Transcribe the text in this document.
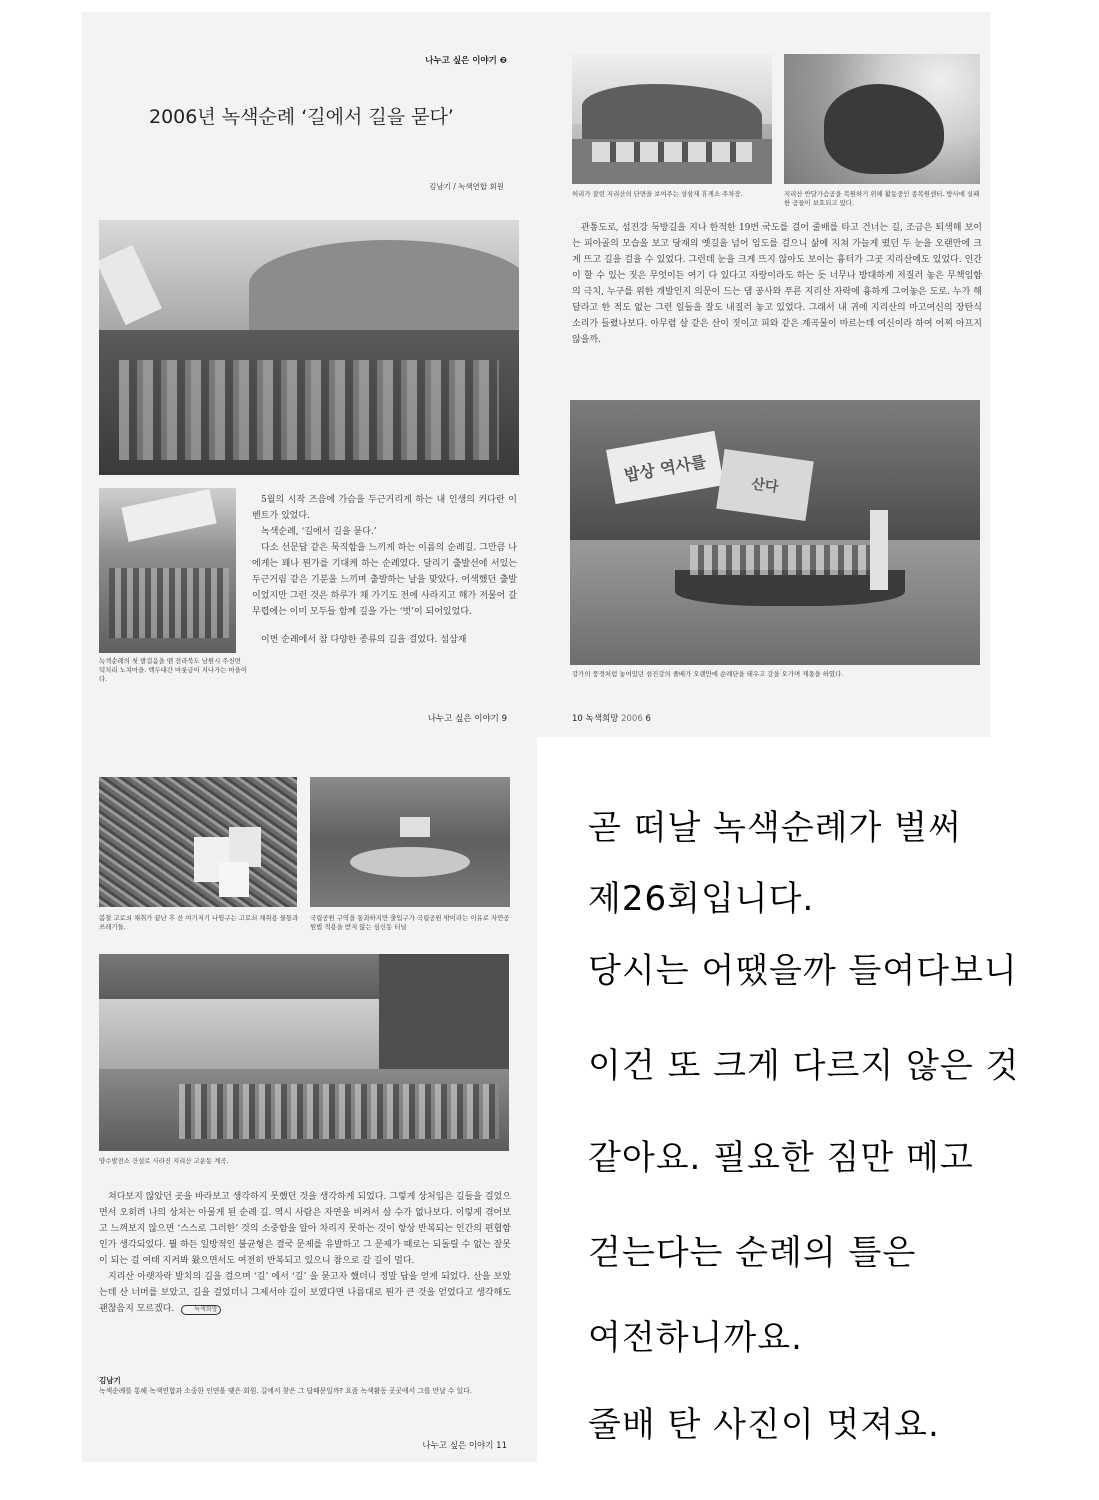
나누고 싶은 이야기 ❷
2006년 녹색순례 ‘길에서 길을 묻다’
김남기 / 녹색연합 회원
녹색순례의 첫 발걸음을 뗀 전라북도 남원시 주천면 덕치리 노치마을. 백두대간 마룻금이 지나가는 마을이다.

5월의 시작 즈음에 가슴을 두근거리게 하는 내 인생의 커다란 이벤트가 있었다.

녹색순례, ‘길에서 길을 묻다.’

다소 선문답 같은 묵직함을 느끼게 하는 이름의 순례길. 그만큼 나에게는 꽤나 뭔가를 기대케 하는 순례였다. 달리기 출발선에 서있는 두근거림 같은 기분을 느끼며 출발하는 날을 맞았다. 어색했던 출발이었지만 그런 것은 하루가 채 가기도 전에 사라지고 해가 저물어 갈 무렵에는 이미 모두들 함께 길을 가는 ‘벗’이 되어있었다.

이번 순례에서 참 다양한 종류의 길을 걸었다. 섬삼재

나누고 싶은 이야기 9
허리가 잘린 지리산의 단면을 보여주는 성삼재 휴게소 주차장.	지리산 반달가슴곰을 복원하기 위해 활동중인 종복원센터. 방사에 실패한 곰들이 보호되고 있다.

관통도로, 섬진강 둑방길을 지나 한적한 19번 국도를 걸어 줄배를 타고 건너는 길, 조금은 퇴색해 보이는 피아골의 모습을 보고 당재의 옛길을 넘어 임도를 걸으니 삶에 지쳐 가늘게 떴던 두 눈을 오랜만에 크게 뜨고 길을 걸을 수 있었다. 그런데 눈을 크게 뜨지 않아도 보이는 흉터가 그곳 지리산에도 있었다. 인간이 할 수 있는 짓은 무엇이든 여기 다 있다고 자랑이라도 하는 듯 너무나 방대하게 저질러 놓은 무책임함의 극치, 누구를 위한 개발인지 의문이 드는 댐 공사와 푸른 지리산 자락에 흉하게 그어놓은 도로. 누가 해달라고 한 적도 없는 그런 일들을 잘도 내질러 놓고 있었다. 그래서 내 귀에 지리산의 마고여신의 장탄식 소리가 들렸나보다. 아무렴 살 같은 산이 짓이고 피와 같은 계곡물이 마르는데 여신이라 하여 어찌 아프지 않을까.

밥상 역사를
산다
강가의 풍경처럼 놓여있던 섬진강의 줄배가 오랜만에 순례단을 태우고 강을 오가며 제몫을 하였다.
10 녹색희망 2006 6
봄철 고로쇠 채취가 끝난 후 산 여기저기 나뒹구는 고로쇠 채취용 물통과 쓰레기들.
국립공원 구역을 통과하지만 출입구가 국립공원 밖이라는 이유로 자연공원법 적용을 받지 않는 심신동 터널
양수발전소 건설로 사라진 지리산 고운동 계곡.

쳐다보지 않았던 곳을 바라보고 생각하지 못했던 것을 생각하게 되었다. 그렇게 상처입은 길들을 걸었으면서 오히려 나의 상처는 아물게 된 순례 길. 역시 사람은 자연을 비켜서 살 수가 없나보다. 이렇게 겪어보고 느껴보지 않으면 ‘스스로 그러한’ 것의 소중함을 알아 차리지 못하는 것이 항상 반복되는 인간의 편협함인가 생각되었다. 뭘 하든 일방적인 불균형은 결국 문제를 유발하고 그 문제가 때로는 되돌릴 수 없는 잘못이 되는 걸 여태 지켜봐 왔으면서도 여전히 반복되고 있으니 참으로 갈 길이 멀다.

지리산 아랫자락 발치의 길을 걸으며 ‘길’ 에서 ‘길’ 을 묻고자 했더니 정말 답을 얻게 되었다. 산을 보았는데 산 너머를 보았고, 길을 걸었더니 그제서야 길이 보였다면 나름대로 뭔가 큰 것을 얻었다고 생각해도 괜찮음지 모르겠다.	녹색희망

김남기
녹색순례를 통해 녹색연합과 소중한 인연을 맺은 회원. 길에서 찾은 그 답때문일까? 요즘 녹색활동 곳곳에서 그를 만날 수 있다.
나누고 싶은 이야기 11
곧 떠날 녹색순례가 벌써
제26회입니다.
당시는 어땠을까 들여다보니
이건 또 크게 다르지 않은 것
같아요. 필요한 짐만 메고
걷는다는 순례의 틀은
여전하니까요.
줄배 탄 사진이 멋져요.
